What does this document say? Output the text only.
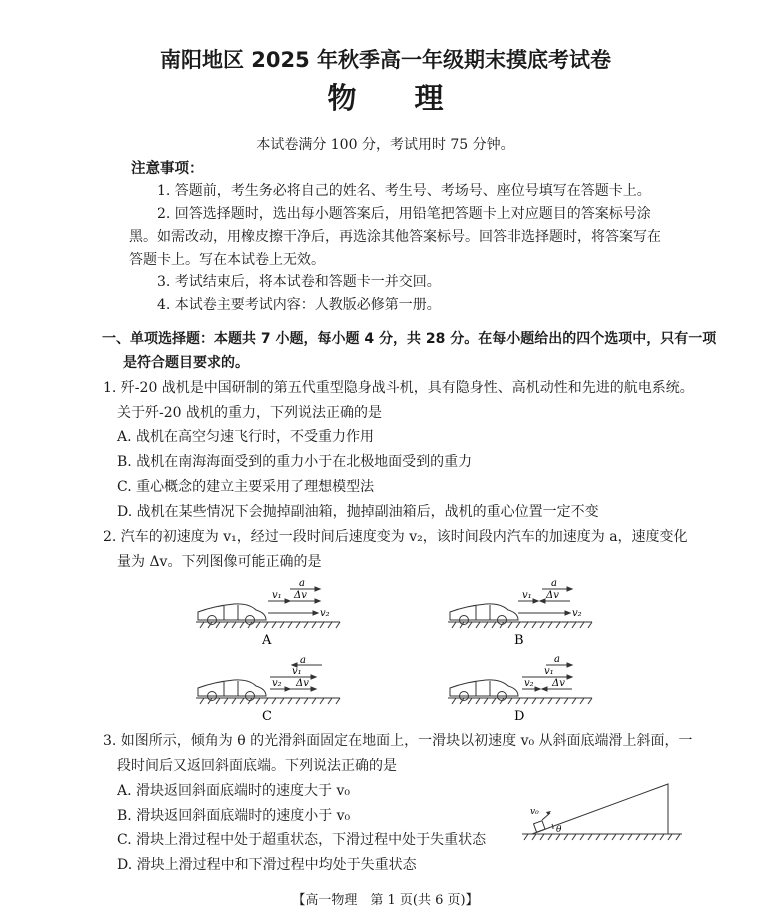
南阳地区 2025 年秋季高一年级期末摸底考试卷
物理
本试卷满分 100 分，考试用时 75 分钟。
注意事项：
1. 答题前，考生务必将自己的姓名、考生号、考场号、座位号填写在答题卡上。
2. 回答选择题时，选出每小题答案后，用铅笔把答题卡上对应题目的答案标号涂
黑。如需改动，用橡皮擦干净后，再选涂其他答案标号。回答非选择题时，将答案写在
答题卡上。写在本试卷上无效。
3. 考试结束后，将本试卷和答题卡一并交回。
4. 本试卷主要考试内容：人教版必修第一册。
一、单项选择题：本题共 7 小题，每小题 4 分，共 28 分。在每小题给出的四个选项中，只有一项
是符合题目要求的。
1. 歼-20 战机是中国研制的第五代重型隐身战斗机，具有隐身性、高机动性和先进的航电系统。
关于歼-20 战机的重力，下列说法正确的是
A. 战机在高空匀速飞行时，不受重力作用
B. 战机在南海海面受到的重力小于在北极地面受到的重力
C. 重心概念的建立主要采用了理想模型法
D. 战机在某些情况下会抛掉副油箱，抛掉副油箱后，战机的重心位置一定不变
2. 汽车的初速度为 v₁，经过一段时间后速度变为 v₂，该时间段内汽车的加速度为 a，速度变化
量为 Δv。下列图像可能正确的是
a
v₁ Δv
v₂
A
a
v₁ Δv
v₂
B
a
v₁
v₂ Δv
C
a
v₁
v₂ Δv
D
3. 如图所示，倾角为 θ 的光滑斜面固定在地面上，一滑块以初速度 v₀ 从斜面底端滑上斜面，一
段时间后又返回斜面底端。下列说法正确的是
A. 滑块返回斜面底端时的速度大于 v₀
B. 滑块返回斜面底端时的速度小于 v₀
C. 滑块上滑过程中处于超重状态，下滑过程中处于失重状态
D. 滑块上滑过程中和下滑过程中均处于失重状态
v₀
θ
【高一物理　第 1 页(共 6 页)】
